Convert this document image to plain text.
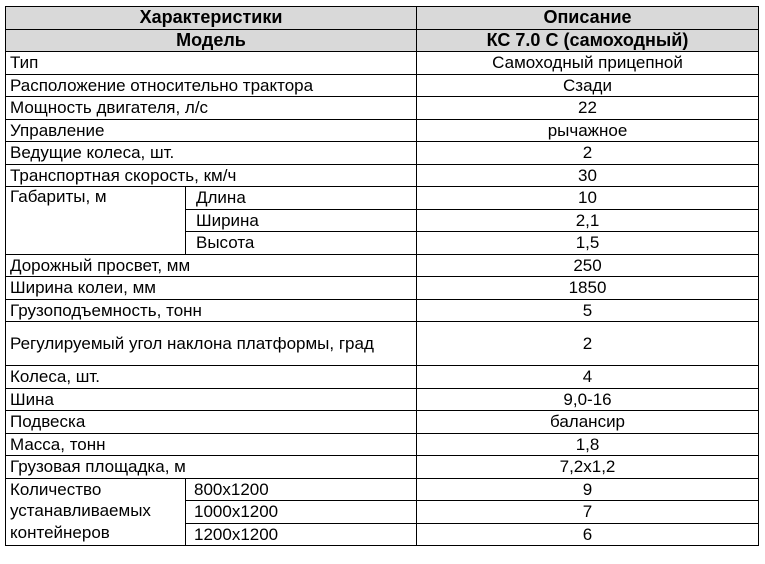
Характеристики		Описание
Модель		КС 7.0 С (самоходный)
Тип		Самоходный прицепной
Расположение относительно трактора		Сзади
Мощность двигателя, л/с		22
Управление		рычажное
Ведущие колеса, шт.		2
Транспортная скорость, км/ч		30
Габариты, м	Длина	10
	Ширина	2,1
	Высота	1,5
Дорожный просвет, мм		250
Ширина колеи, мм		1850
Грузоподъемность, тонн		5
Регулируемый угол наклона платформы, град		2
Колеса, шт.		4
Шина		9,0-16
Подвеска		балансир
Масса, тонн		1,8
Грузовая площадка, м		7,2x1,2
Количество устанавливаемых контейнеров	800x1200	9
	1000x1200	7
	1200x1200	6
